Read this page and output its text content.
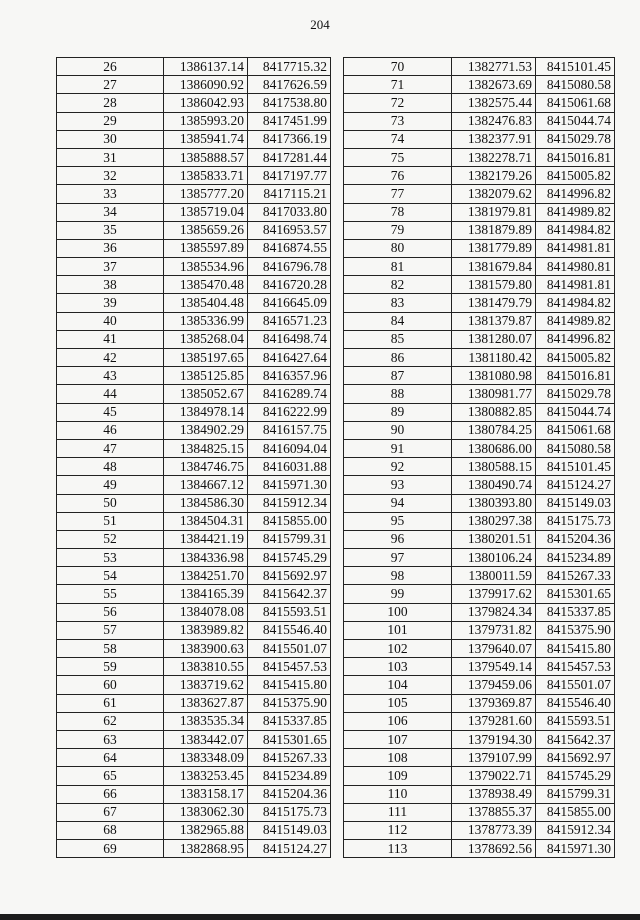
204
26	1386137.14	8417715.32
27	1386090.92	8417626.59
28	1386042.93	8417538.80
29	1385993.20	8417451.99
30	1385941.74	8417366.19
31	1385888.57	8417281.44
32	1385833.71	8417197.77
33	1385777.20	8417115.21
34	1385719.04	8417033.80
35	1385659.26	8416953.57
36	1385597.89	8416874.55
37	1385534.96	8416796.78
38	1385470.48	8416720.28
39	1385404.48	8416645.09
40	1385336.99	8416571.23
41	1385268.04	8416498.74
42	1385197.65	8416427.64
43	1385125.85	8416357.96
44	1385052.67	8416289.74
45	1384978.14	8416222.99
46	1384902.29	8416157.75
47	1384825.15	8416094.04
48	1384746.75	8416031.88
49	1384667.12	8415971.30
50	1384586.30	8415912.34
51	1384504.31	8415855.00
52	1384421.19	8415799.31
53	1384336.98	8415745.29
54	1384251.70	8415692.97
55	1384165.39	8415642.37
56	1384078.08	8415593.51
57	1383989.82	8415546.40
58	1383900.63	8415501.07
59	1383810.55	8415457.53
60	1383719.62	8415415.80
61	1383627.87	8415375.90
62	1383535.34	8415337.85
63	1383442.07	8415301.65
64	1383348.09	8415267.33
65	1383253.45	8415234.89
66	1383158.17	8415204.36
67	1383062.30	8415175.73
68	1382965.88	8415149.03
69	1382868.95	8415124.27
70	1382771.53	8415101.45
71	1382673.69	8415080.58
72	1382575.44	8415061.68
73	1382476.83	8415044.74
74	1382377.91	8415029.78
75	1382278.71	8415016.81
76	1382179.26	8415005.82
77	1382079.62	8414996.82
78	1381979.81	8414989.82
79	1381879.89	8414984.82
80	1381779.89	8414981.81
81	1381679.84	8414980.81
82	1381579.80	8414981.81
83	1381479.79	8414984.82
84	1381379.87	8414989.82
85	1381280.07	8414996.82
86	1381180.42	8415005.82
87	1381080.98	8415016.81
88	1380981.77	8415029.78
89	1380882.85	8415044.74
90	1380784.25	8415061.68
91	1380686.00	8415080.58
92	1380588.15	8415101.45
93	1380490.74	8415124.27
94	1380393.80	8415149.03
95	1380297.38	8415175.73
96	1380201.51	8415204.36
97	1380106.24	8415234.89
98	1380011.59	8415267.33
99	1379917.62	8415301.65
100	1379824.34	8415337.85
101	1379731.82	8415375.90
102	1379640.07	8415415.80
103	1379549.14	8415457.53
104	1379459.06	8415501.07
105	1379369.87	8415546.40
106	1379281.60	8415593.51
107	1379194.30	8415642.37
108	1379107.99	8415692.97
109	1379022.71	8415745.29
110	1378938.49	8415799.31
111	1378855.37	8415855.00
112	1378773.39	8415912.34
113	1378692.56	8415971.30
